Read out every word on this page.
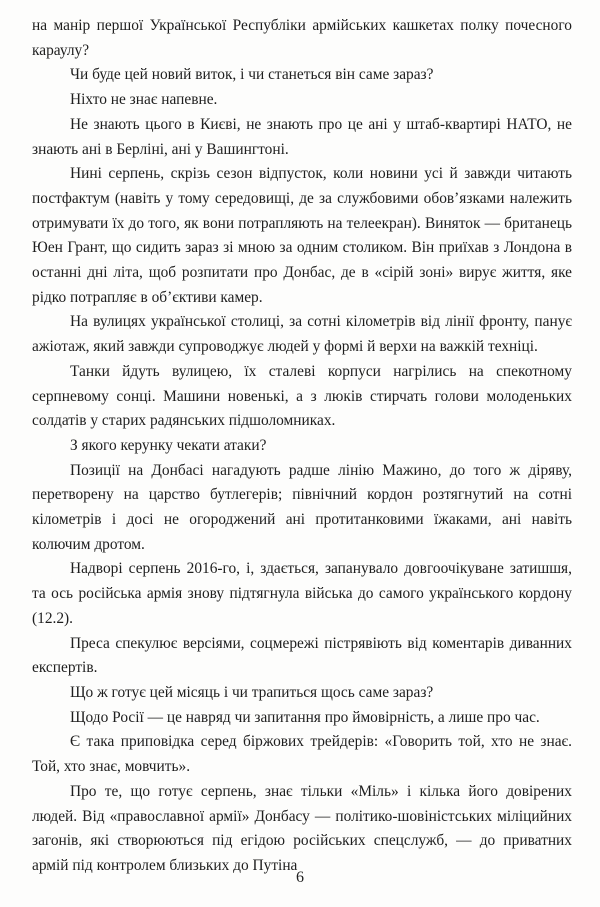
на манір першої Української Республіки армійських кашкетах полку почесного караулу?

Чи буде цей новий виток, і чи станеться він саме зараз?

Ніхто не знає напевне.

Не знають цього в Києві, не знають про це ані у штаб-квартирі НАТО, не знають ані в Берліні, ані у Вашингтоні.

Нині серпень, скрізь сезон відпусток, коли новини усі й завжди читають постфактум (навіть у тому середовищі, де за службовими обов’язками належить отримувати їх до того, як вони потрапляють на телеекран). Виняток — британець Юен Грант, що сидить зараз зі мною за одним столиком. Він приїхав з Лондона в останні дні літа, щоб розпитати про Донбас, де в «сірій зоні» вирує життя, яке рідко потрапляє в об’єктиви камер.

На вулицях української столиці, за сотні кілометрів від лінії фронту, панує ажіотаж, який завжди супроводжує людей у формі й верхи на важкій техніці.

Танки йдуть вулицею, їх сталеві корпуси нагрілись на спекотному серпневому сонці. Машини новенькі, а з люків стирчать голови молоденьких солдатів у старих радянських підшоломниках.

З якого керунку чекати атаки?

Позиції на Донбасі нагадують радше лінію Мажино, до того ж діряву, перетворену на царство бутлегерів; північний кордон розтягнутий на сотні кілометрів і досі не огороджений ані протитанковими їжаками, ані навіть колючим дротом.

Надворі серпень 2016-го, і, здається, запанувало довгоочікуване затишшя, та ось російська армія знову підтягнула війська до самого українського кордону (12.2).

Преса спекулює версіями, соцмережі пістрявіють від коментарів диванних експертів.

Що ж готує цей місяць і чи трапиться щось саме зараз?

Щодо Росії — це навряд чи запитання про ймовірність, а лише про час.

Є така приповідка серед біржових трейдерів: «Говорить той, хто не знає. Той, хто знає, мовчить».

Про те, що готує серпень, знає тільки «Міль» і кілька його довірених людей. Від «православної армії» Донбасу — політико-шовіністських міліцийних загонів, які створюються під егідою російських спецслужб, — до приватних армій під контролем близьких до Путіна

6
